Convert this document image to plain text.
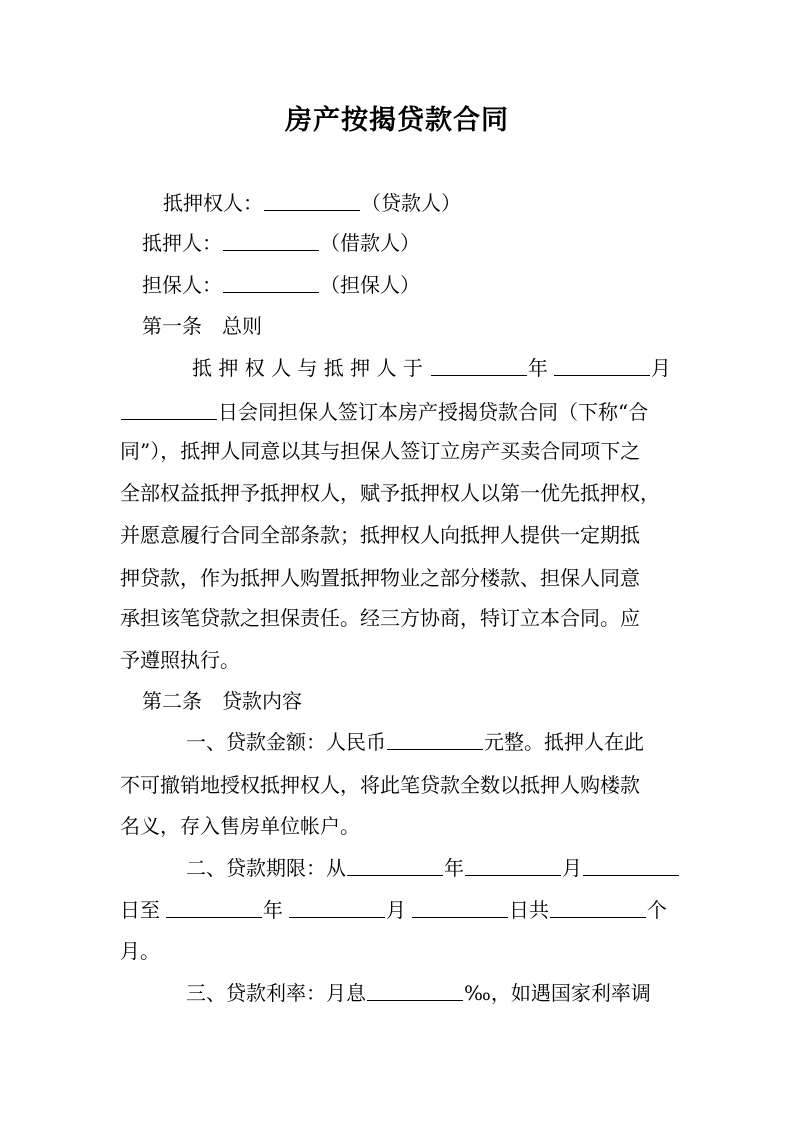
房产按揭贷款合同
抵押权人：	（贷款人）
抵押人：	（借款人）
担保人：	（担保人）
第一条　总则
抵 押 权 人 与 抵 押 人 于	年	月
日会同担保人签订本房产授揭贷款合同（下称“合
同”），抵押人同意以其与担保人签订立房产买卖合同项下之
全部权益抵押予抵押权人，赋予抵押权人以第一优先抵押权，
并愿意履行合同全部条款；抵押权人向抵押人提供一定期抵
押贷款，作为抵押人购置抵押物业之部分楼款、担保人同意
承担该笔贷款之担保责任。经三方协商，特订立本合同。应
予遵照执行。
第二条　贷款内容
一、贷款金额：人民币	元整。抵押人在此
不可撤销地授权抵押权人，将此笔贷款全数以抵押人购楼款
名义，存入售房单位帐户。
二、贷款期限：从	年	月
日至	年	月	日共	个
月。
三、贷款利率：月息	‰，如遇国家利率调
